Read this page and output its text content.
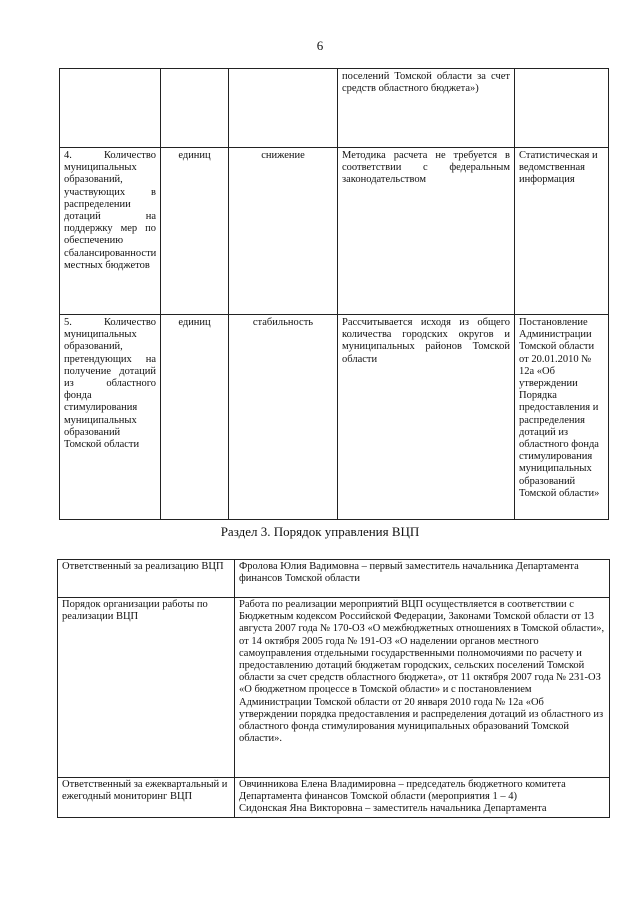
6
			поселений Томской области за счет средств областного бюджета»)	
4. Количество муниципальных образований, участвующих в распределении дотаций на поддержку мер по обеспечению сбалансированности местных бюджетов	единиц	снижение	Методика расчета не требуется в соответствии с федеральным законодательством	Статистическая и ведомственная информация
5. Количество муниципальных образований, претендующих на получение дотаций из областного фонда стимулирования муниципальных образований Томской области	единиц	стабильность	Рассчитывается исходя из общего количества городских округов и муниципальных районов Томской области	Постановление Администрации Томской области от 20.01.2010 № 12а «Об утверждении Порядка предоставления и распределения дотаций из областного фонда стимулирования муниципальных образований Томской области»
Раздел 3. Порядок управления ВЦП
Ответственный за реализацию ВЦП	Фролова Юлия Вадимовна – первый заместитель начальника Департамента финансов Томской области
Порядок организации работы по реализации ВЦП	Работа по реализации мероприятий ВЦП осуществляется в соответствии с Бюджетным кодексом Российской Федерации, Законами Томской области от 13 августа 2007 года № 170-ОЗ «О межбюджетных отношениях в Томской области», от 14 октября 2005 года № 191-ОЗ «О наделении органов местного самоуправления отдельными государственными полномочиями по расчету и предоставлению дотаций бюджетам городских, сельских поселений Томской области за счет средств областного бюджета», от 11 октября 2007 года № 231-ОЗ «О бюджетном процессе в Томской области» и с постановлением Администрации Томской области от 20 января 2010 года № 12а «Об утверждении порядка предоставления и распределения дотаций из областного из областного фонда стимулирования муниципальных образований Томской области».
Ответственный за ежеквартальный и ежегодный мониторинг ВЦП	Овчинникова Елена Владимировна – председатель бюджетного комитета Департамента финансов Томской области (мероприятия 1 – 4)
Сидонская Яна Викторовна – заместитель начальника Департамента
